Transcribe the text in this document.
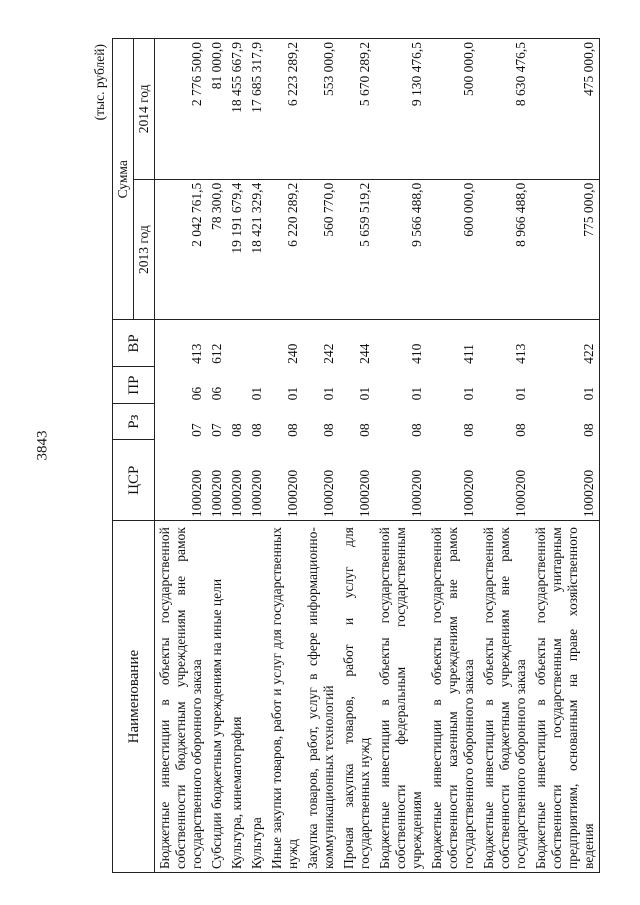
3843
(тыс. рублей)
Наименование	ЦСР	Рз	ПР	ВР	Сумма	
					2013 год	2014 год
Бюджетные инвестиции в объекты государственной собственности бюджетным учреждениям вне рамок государственного оборонного заказа	1000200	07	06	413	2 042 761,5	2 776 500,0
Субсидии бюджетным учреждениям на иные цели	1000200	07	06	612	78 300,0	81 000,0
Культура, кинематография	1000200	08			19 191 679,4	18 455 667,9
Культура	1000200	08	01		18 421 329,4	17 685 317,9
Иные закупки товаров, работ и услуг для государственных нужд	1000200	08	01	240	6 220 289,2	6 223 289,2
Закупка товаров, работ, услуг в сфере информационно-коммуникационных технологий	1000200	08	01	242	560 770,0	553 000,0
Прочая закупка товаров, работ и услуг для государственных нужд	1000200	08	01	244	5 659 519,2	5 670 289,2
Бюджетные инвестиции в объекты государственной собственности федеральным государственным учреждениям	1000200	08	01	410	9 566 488,0	9 130 476,5
Бюджетные инвестиции в объекты государственной собственности казенным учреждениям вне рамок государственного оборонного заказа	1000200	08	01	411	600 000,0	500 000,0
Бюджетные инвестиции в объекты государственной собственности бюджетным учреждениям вне рамок государственного оборонного заказа	1000200	08	01	413	8 966 488,0	8 630 476,5
Бюджетные инвестиции в объекты государственной собственности государственным унитарным предприятиям, основанным на праве хозяйственного ведения	1000200	08	01	422	775 000,0	475 000,0
